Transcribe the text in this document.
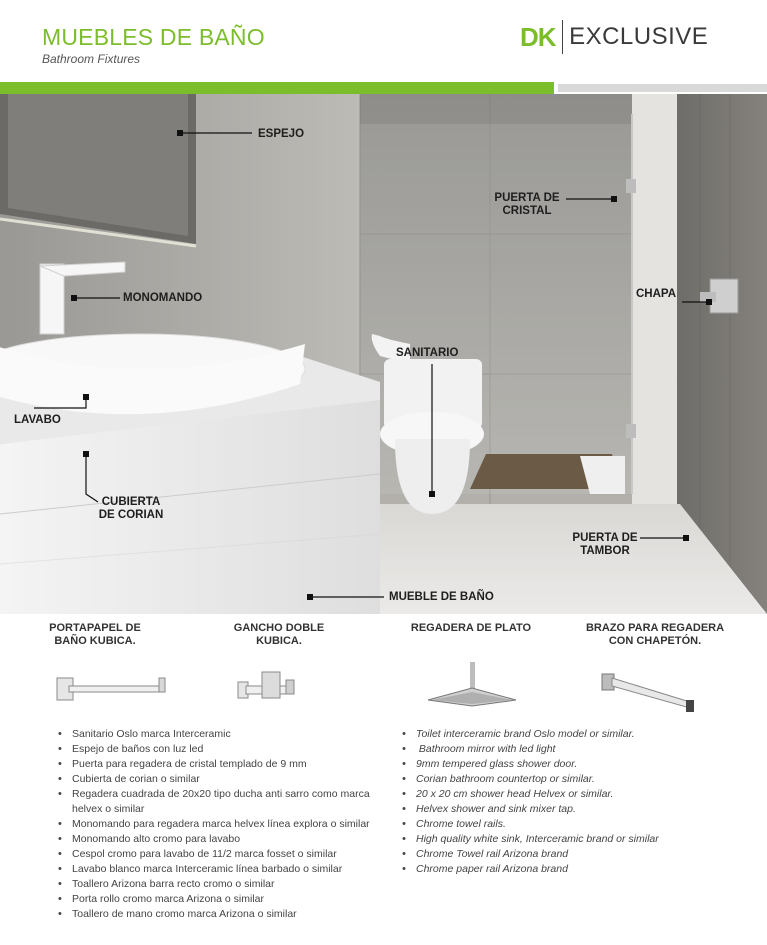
MUEBLES DE BAÑO
Bathroom Fixtures
DK EXCLUSIVE
ESPEJO
PUERTA DE
CRISTAL
MONOMANDO	CHAPA
SANITARIO
LAVABO
CUBIERTA
DE CORIAN
PUERTA DE
TAMBOR
MUEBLE DE BAÑO
PORTAPAPEL DE
BAÑO KUBICA.
GANCHO DOBLE
KUBICA.
REGADERA DE PLATO	BRAZO PARA REGADERA
CON CHAPETÓN.
• Sanitario Oslo marca Interceramic
• Espejo de baños con luz led
• Puerta para regadera de cristal templado de 9 mm
• Cubierta de corian o similar
• Regadera cuadrada de 20x20 tipo ducha anti sarro como marca
helvex o similar
• Monomando para regadera marca helvex línea explora o similar
• Monomando alto cromo para lavabo
• Cespol cromo para lavabo de 11/2 marca fosset o similar
• Lavabo blanco marca Interceramic línea barbado o similar
• Toallero Arizona barra recto cromo o similar
• Porta rollo cromo marca Arizona o similar
• Toallero de mano cromo marca Arizona o similar
• Toilet interceramic brand Oslo model or similar.
•  Bathroom mirror with led light
• 9mm tempered glass shower door.
• Corian bathroom countertop or similar.
• 20 x 20 cm shower head Helvex or similar.
• Helvex shower and sink mixer tap.
• Chrome towel rails.
• High quality white sink, Interceramic brand or similar
• Chrome Towel rail Arizona brand
• Chrome paper rail Arizona brand
